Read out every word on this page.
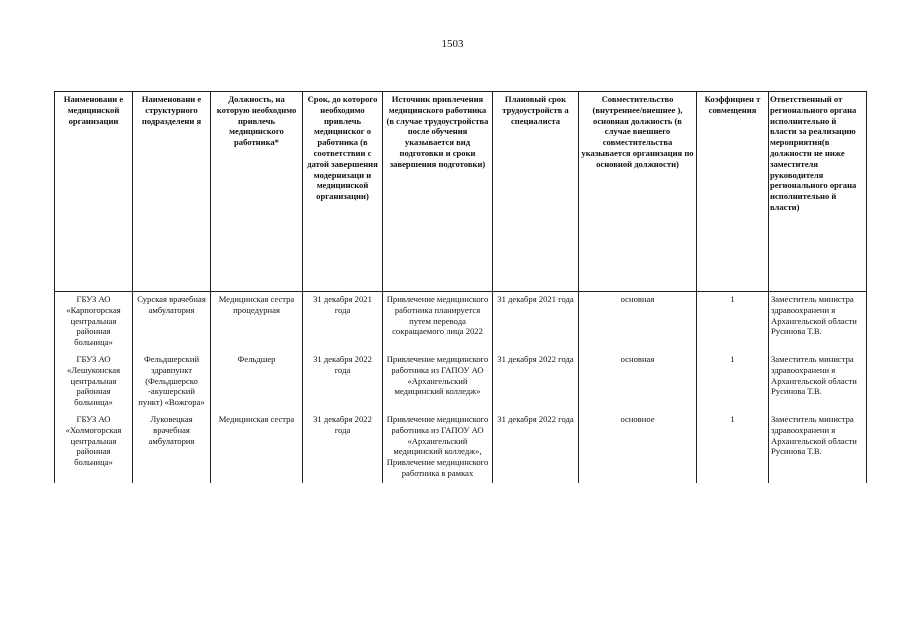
1503
Наименовани е медицинской организации	Наименовани е структурного подразделени я	Должность, на которую необходимо привлечь медицинского работника*	Срок, до которого необходимо привлечь медицинског о работника (в соответствии с датой завершения модернизаци и медицинской организации)	Источник привлечения медицинского работника (в случае трудоустройства после обучения указывается вид подготовки и сроки завершения подготовки)	Плановый срок трудоустройств а специалиста	Совместительство (внутреннее/внешнее ), основная должность (в случае внешнего совместительства указывается организация по основной должности)	Коэффициен т совмещения	Ответственный от регионального органа исполнительно й власти за реализацию мероприятия(в должности не ниже заместителя руководителя регионального органа исполнительно й власти)
ГБУЗ АО «Карпогорская центральная районная больница»	Сурская врачебная амбулатория	Медицинская сестра процедурная	31 декабря 2021 года	Привлечение медицинского работника планируется путем перевода сокращаемого лица 2022	31 декабря 2021 года	основная	1	Заместитель министра здравоохранени я Архангельской области Русинова Т.В.
ГБУЗ АО «Лешуконская центральная районная больница»	Фельдшерский здравпункт (Фельдшерско -акушерский пункт) «Вожгора»	Фельдшер	31 декабря 2022 года	Привлечение медицинского работника из ГАПОУ АО «Архангельский медицинский колледж»	31 декабря 2022 года	основная	1	Заместитель министра здравоохранени я Архангельской области Русинова Т.В.
ГБУЗ АО «Холмогорская центральная районная больница»	Луковецкая врачебная амбулатория	Медицинская сестра	31 декабря 2022 года	Привлечение медицинского работника из ГАПОУ АО «Архангельский медицинский колледж», Привлечение медицинского работника в рамках	31 декабря 2022 года	основное	1	Заместитель министра здравоохранени я Архангельской области Русинова Т.В.
